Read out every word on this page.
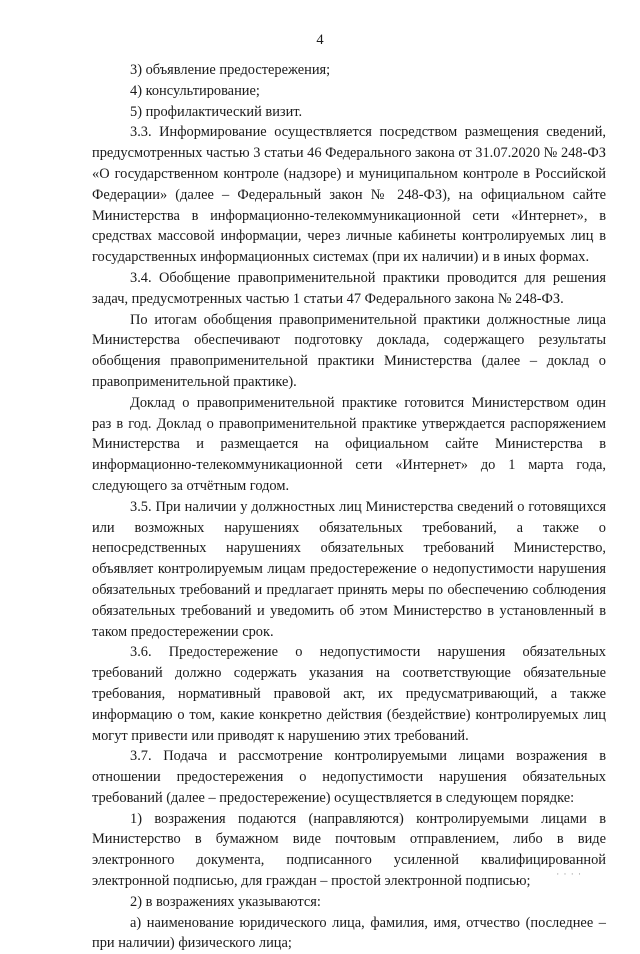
4

3) объявление предостережения;

4) консультирование;

5) профилактический визит.

3.3. Информирование осуществляется посредством размещения сведений, предусмотренных частью 3 статьи 46 Федерального закона от 31.07.2020 № 248-ФЗ «О государственном контроле (надзоре) и муниципальном контроле в Российской Федерации» (далее – Федеральный закон № 248-ФЗ), на официальном сайте Министерства в информационно-телекоммуникационной сети «Интернет», в средствах массовой информации, через личные кабинеты контролируемых лиц в государственных информационных системах (при их наличии) и в иных формах.

3.4. Обобщение правоприменительной практики проводится для решения задач, предусмотренных частью 1 статьи 47 Федерального закона № 248-ФЗ.

По итогам обобщения правоприменительной практики должностные лица Министерства обеспечивают подготовку доклада, содержащего результаты обобщения правоприменительной практики Министерства (далее – доклад о правоприменительной практике).

Доклад о правоприменительной практике готовится Министерством один раз в год. Доклад о правоприменительной практике утверждается распоряжением Министерства и размещается на официальном сайте Министерства в информационно-телекоммуникационной сети «Интернет» до 1 марта года, следующего за отчётным годом.

3.5. При наличии у должностных лиц Министерства сведений о готовящихся или возможных нарушениях обязательных требований, а также о непосредственных нарушениях обязательных требований Министерство, объявляет контролируемым лицам предостережение о недопустимости нарушения обязательных требований и предлагает принять меры по обеспечению соблюдения обязательных требований и уведомить об этом Министерство в установленный в таком предостережении срок.

3.6. Предостережение о недопустимости нарушения обязательных требований должно содержать указания на соответствующие обязательные требования, нормативный правовой акт, их предусматривающий, а также информацию о том, какие конкретно действия (бездействие) контролируемых лиц могут привести или приводят к нарушению этих требований.

3.7. Подача и рассмотрение контролируемыми лицами возражения в отношении предостережения о недопустимости нарушения обязательных требований (далее – предостережение) осуществляется в следующем порядке:

1) возражения подаются (направляются) контролируемыми лицами в Министерство в бумажном виде почтовым отправлением, либо в виде электронного документа, подписанного усиленной квалифицированной электронной подписью, для граждан – простой электронной подписью;

2) в возражениях указываются:

а) наименование юридического лица, фамилия, имя, отчество (последнее – при наличии) физического лица;

· · · ·
